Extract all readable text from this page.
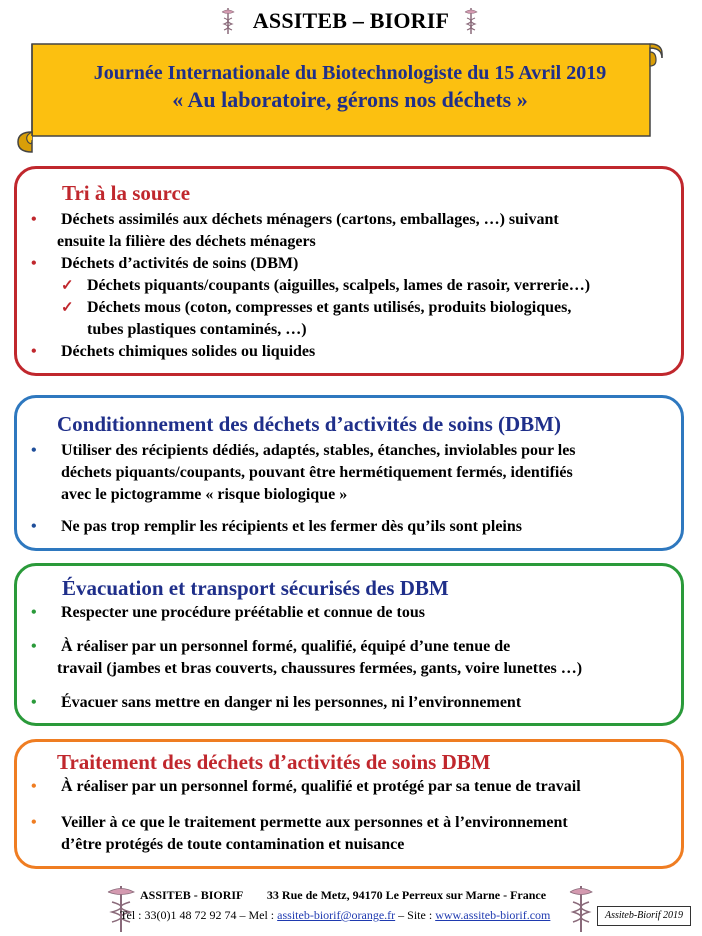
ASSITEB – BIORIF
Journée Internationale du Biotechnologiste du 15 Avril 2019
« Au laboratoire, gérons nos déchets »
Tri à la source
• Déchets assimilés aux déchets ménagers (cartons, emballages, …) suivant
ensuite la filière des déchets ménagers
• Déchets d’activités de soins (DBM)
✓ Déchets piquants/coupants (aiguilles, scalpels, lames de rasoir, verrerie…)
✓ Déchets mous (coton, compresses et gants utilisés, produits biologiques,
tubes plastiques contaminés, …)
• Déchets chimiques solides ou liquides
Conditionnement des déchets d’activités de soins (DBM)
• Utiliser des récipients dédiés, adaptés, stables, étanches, inviolables pour les
déchets piquants/coupants, pouvant être hermétiquement fermés, identifiés
avec le pictogramme « risque biologique »
• Ne pas trop remplir les récipients et les fermer dès qu’ils sont pleins
Évacuation et transport sécurisés des DBM
• Respecter une procédure préétablie et connue de tous
• À réaliser par un personnel formé, qualifié, équipé d’une tenue de
travail (jambes et bras couverts, chaussures fermées, gants, voire lunettes …)
• Évacuer sans mettre en danger ni les personnes, ni l’environnement
Traitement des déchets d’activités de soins DBM
• À réaliser par un personnel formé, qualifié et protégé par sa tenue de travail
• Veiller à ce que le traitement permette aux personnes et à l’environnement
d’être protégés de toute contamination et nuisance
ASSITEB - BIORIF 33 Rue de Metz, 94170 Le Perreux sur Marne - France
Tel : 33(0)1 48 72 92 74 – Mel : assiteb-biorif@orange.fr – Site : www.assiteb-biorif.com	Assiteb-Biorif 2019
